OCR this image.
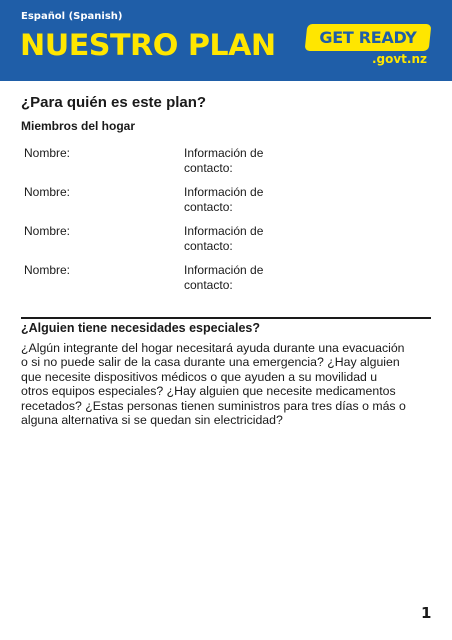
Español (Spanish)
NUESTRO PLAN	GET READY
.govt.nz
¿Para quién es este plan?
Miembros del hogar
Nombre:	Información de
contacto:
Nombre:	Información de
contacto:
Nombre:	Información de
contacto:
Nombre:	Información de
contacto:
¿Alguien tiene necesidades especiales?
¿Algún integrante del hogar necesitará ayuda durante una evacuación
o si no puede salir de la casa durante una emergencia? ¿Hay alguien
que necesite dispositivos médicos o que ayuden a su movilidad u
otros equipos especiales? ¿Hay alguien que necesite medicamentos
recetados? ¿Estas personas tienen suministros para tres días o más o
alguna alternativa si se quedan sin electricidad?
1
